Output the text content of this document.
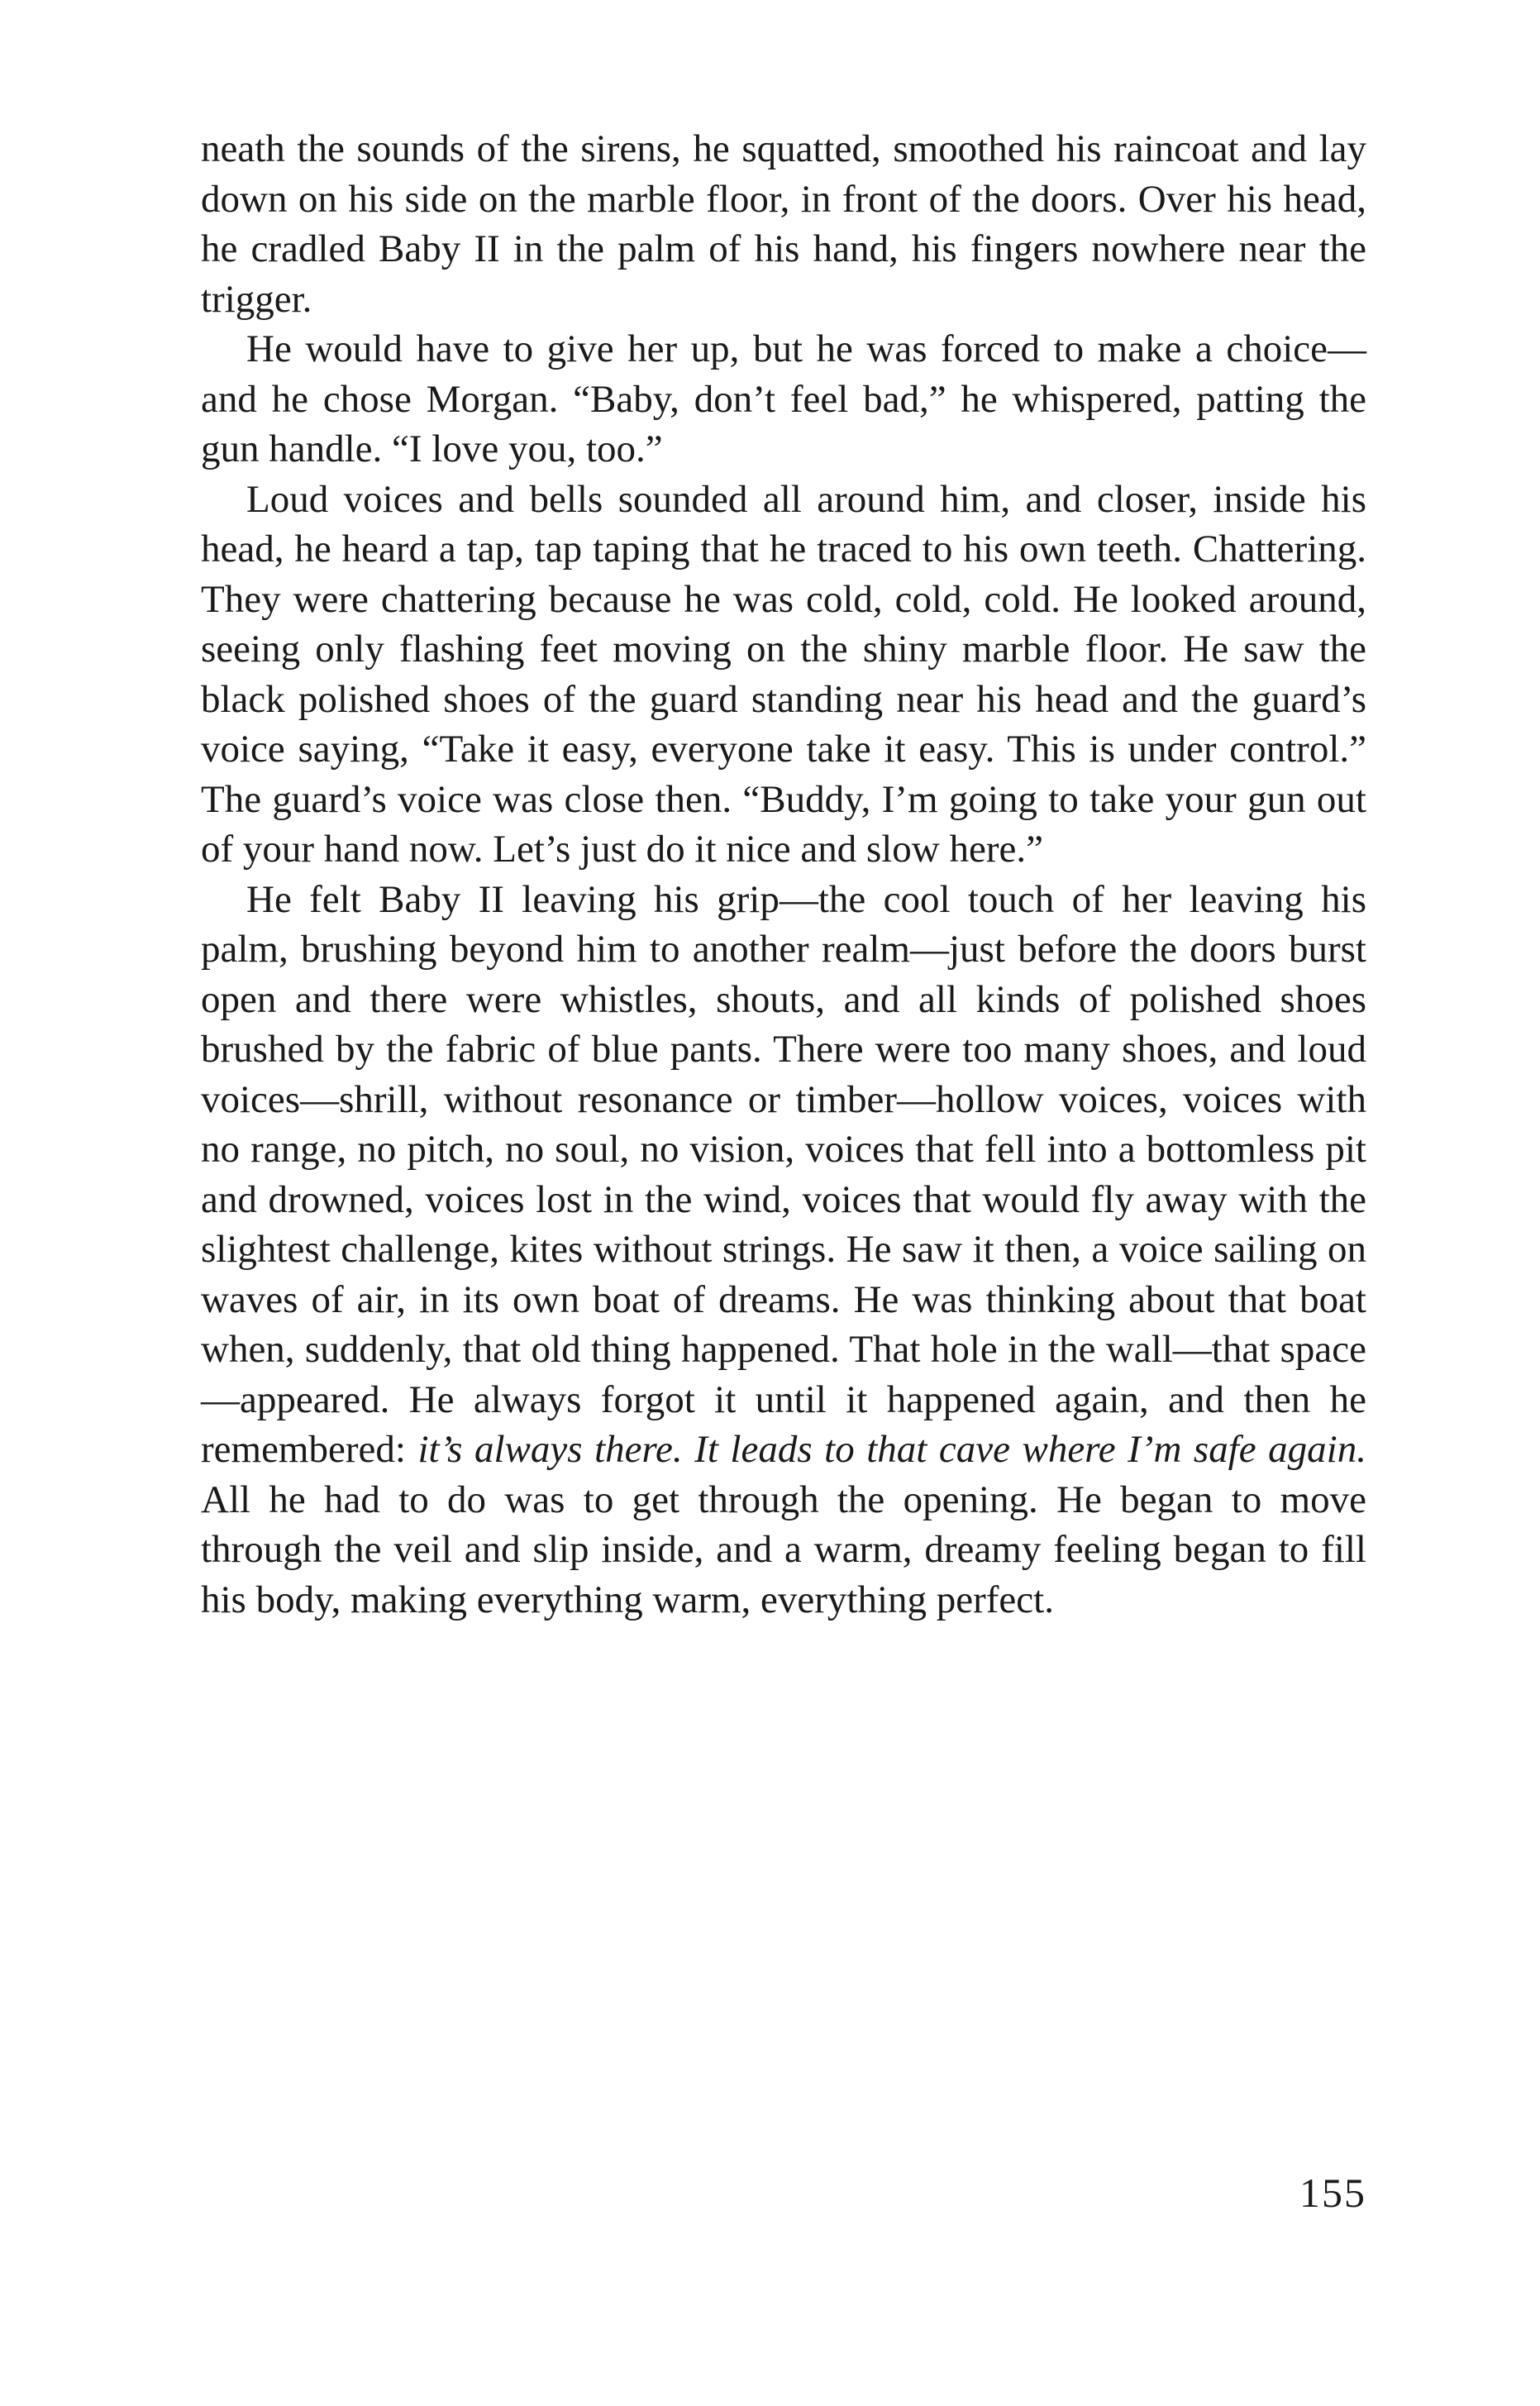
neath the sounds of the sirens, he squatted, smoothed his raincoat and lay down on his side on the marble floor, in front of the doors. Over his head, he cradled Baby II in the palm of his hand, his fingers nowhere near the trigger.

He would have to give her up, but he was forced to make a choice—and he chose Morgan. “Baby, don’t feel bad,” he whispered, patting the gun handle. “I love you, too.”

Loud voices and bells sounded all around him, and closer, inside his head, he heard a tap, tap taping that he traced to his own teeth. Chattering. They were chattering because he was cold, cold, cold. He looked around, seeing only flashing feet moving on the shiny marble floor. He saw the black polished shoes of the guard standing near his head and the guard’s voice saying, “Take it easy, everyone take it easy. This is under control.” The guard’s voice was close then. “Buddy, I’m going to take your gun out of your hand now. Let’s just do it nice and slow here.”

He felt Baby II leaving his grip—the cool touch of her leaving his palm, brushing beyond him to another realm—just before the doors burst open and there were whistles, shouts, and all kinds of polished shoes brushed by the fabric of blue pants. There were too many shoes, and loud voices—shrill, without resonance or timber—hollow voices, voices with no range, no pitch, no soul, no vision, voices that fell into a bottomless pit and drowned, voices lost in the wind, voices that would fly away with the slightest challenge, kites without strings. He saw it then, a voice sailing on waves of air, in its own boat of dreams. He was thinking about that boat when, suddenly, that old thing happened. That hole in the wall—that space—appeared. He always forgot it until it happened again, and then he remembered: it’s always there. It leads to that cave where I’m safe again. All he had to do was to get through the opening. He began to move through the veil and slip inside, and a warm, dreamy feeling began to fill his body, making everything warm, everything perfect.

155
